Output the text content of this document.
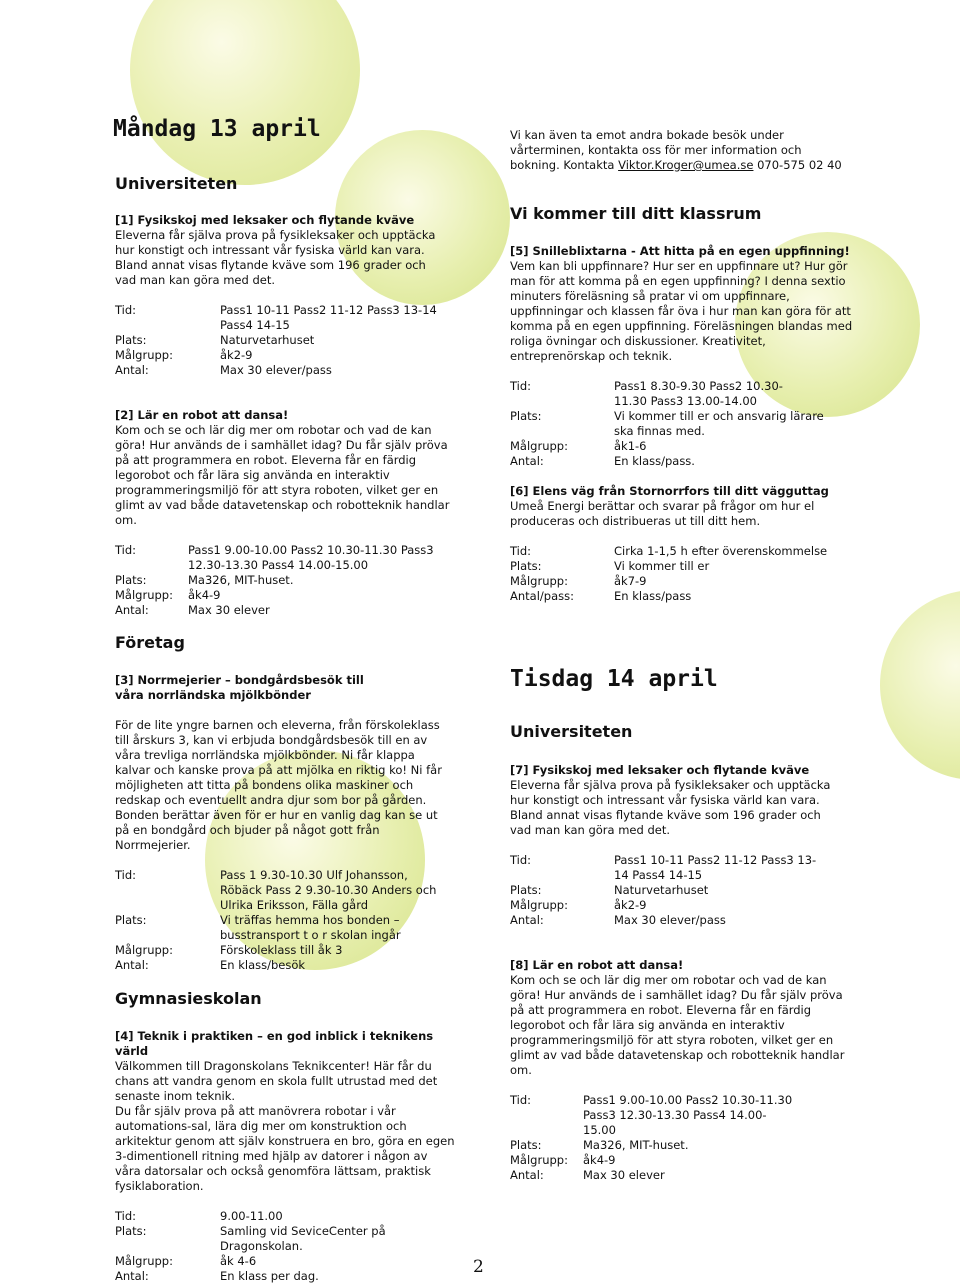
Måndag 13 april
Universiteten
[1] Fysikskoj med leksaker och flytande kväve
Eleverna får själva prova på fysikleksaker och upptäcka hur konstigt och intressant vår fysiska värld kan vara. Bland annat visas flytande kväve som 196 grader och vad man kan göra med det.
Tid:	Pass1 10-11 Pass2 11-12 Pass3 13-14 Pass4 14-15
Plats:	Naturvetarhuset
Målgrupp:	åk2-9
Antal:	Max 30 elever/pass
[2] Lär en robot att dansa!
Kom och se och lär dig mer om robotar och vad de kan göra! Hur används de i samhället idag? Du får själv pröva på att programmera en robot. Eleverna får en färdig legorobot och får lära sig använda en interaktiv programmeringsmiljö för att styra roboten, vilket ger en glimt av vad både datavetenskap och robotteknik handlar om.
Tid:	Pass1 9.00-10.00 Pass2 10.30-11.30 Pass3 12.30-13.30 Pass4 14.00-15.00
Plats:	Ma326, MIT-huset.
Målgrupp:	åk4-9
Antal:	Max 30 elever
Företag
[3] Norrmejerier – bondgårdsbesök till våra norrländska mjölkbönder
För de lite yngre barnen och eleverna, från förskoleklass till årskurs 3, kan vi erbjuda bondgårdsbesök till en av våra trevliga norrländska mjölkbönder. Ni får klappa kalvar och kanske prova på att mjölka en riktig ko! Ni får möjligheten att titta på bondens olika maskiner och redskap och eventuellt andra djur som bor på gården. Bonden berättar även för er hur en vanlig dag kan se ut på en bondgård och bjuder på något gott från Norrmejerier.
Tid:	Pass 1 9.30-10.30 Ulf Johansson, Röbäck Pass 2 9.30-10.30 Anders och Ulrika Eriksson, Fälla gård
Plats:	Vi träffas hemma hos bonden – busstransport t o r skolan ingår
Målgrupp:	Förskoleklass till åk 3
Antal:	En klass/besök
Gymnasieskolan
[4] Teknik i praktiken – en god inblick i teknikens värld
Välkommen till Dragonskolans Teknikcenter! Här får du chans att vandra genom en skola fullt utrustad med det senaste inom teknik.
Du får själv prova på att manövrera robotar i vår automations-sal, lära dig mer om konstruktion och arkitektur genom att själv konstruera en bro, göra en egen 3-dimentionell ritning med hjälp av datorer i någon av våra datorsalar och också genomföra lättsam, praktisk fysiklaboration.
Tid:	9.00-11.00
Plats:	Samling vid SeviceCenter på Dragonskolan.
Målgrupp:	åk 4-6
Antal:	En klass per dag.
Vi kan även ta emot andra bokade besök under vårterminen, kontakta oss för mer information och bokning. Kontakta Viktor.Kroger@umea.se 070-575 02 40
Vi kommer till ditt klassrum
[5] Snilleblixtarna - Att hitta på en egen uppfinning!
Vem kan bli uppfinnare? Hur ser en uppfinnare ut? Hur gör man för att komma på en egen uppfinning? I denna sextio minuters föreläsning så pratar vi om uppfinnare, uppfinningar och klassen får öva i hur man kan göra för att komma på en egen uppfinning. Föreläsningen blandas med roliga övningar och diskussioner. Kreativitet, entreprenörskap och teknik.
Tid:	Pass1 8.30-9.30 Pass2 10.30-11.30 Pass3 13.00-14.00
Plats:	Vi kommer till er och ansvarig lärare ska finnas med.
Målgrupp:	åk1-6
Antal:	En klass/pass.
[6] Elens väg från Stornorrfors till ditt vägguttag
Umeå Energi berättar och svarar på frågor om hur el produceras och distribueras ut till ditt hem.
Tid:	Cirka 1-1,5 h efter överenskommelse
Plats:	Vi kommer till er
Målgrupp:	åk7-9
Antal/pass:	En klass/pass
Tisdag 14 april
Universiteten
[7] Fysikskoj med leksaker och flytande kväve
Eleverna får själva prova på fysikleksaker och upptäcka hur konstigt och intressant vår fysiska värld kan vara. Bland annat visas flytande kväve som 196 grader och vad man kan göra med det.
Tid:	Pass1 10-11 Pass2 11-12 Pass3 13-14 Pass4 14-15
Plats:	Naturvetarhuset
Målgrupp:	åk2-9
Antal:	Max 30 elever/pass
[8] Lär en robot att dansa!
Kom och se och lär dig mer om robotar och vad de kan göra! Hur används de i samhället idag? Du får själv pröva på att programmera en robot. Eleverna får en färdig legorobot och får lära sig använda en interaktiv programmeringsmiljö för att styra roboten, vilket ger en glimt av vad både datavetenskap och robotteknik handlar om.
Tid:	Pass1 9.00-10.00 Pass2 10.30-11.30 Pass3 12.30-13.30 Pass4 14.00-15.00
Plats:	Ma326, MIT-huset.
Målgrupp:	åk4-9
Antal:	Max 30 elever
2
